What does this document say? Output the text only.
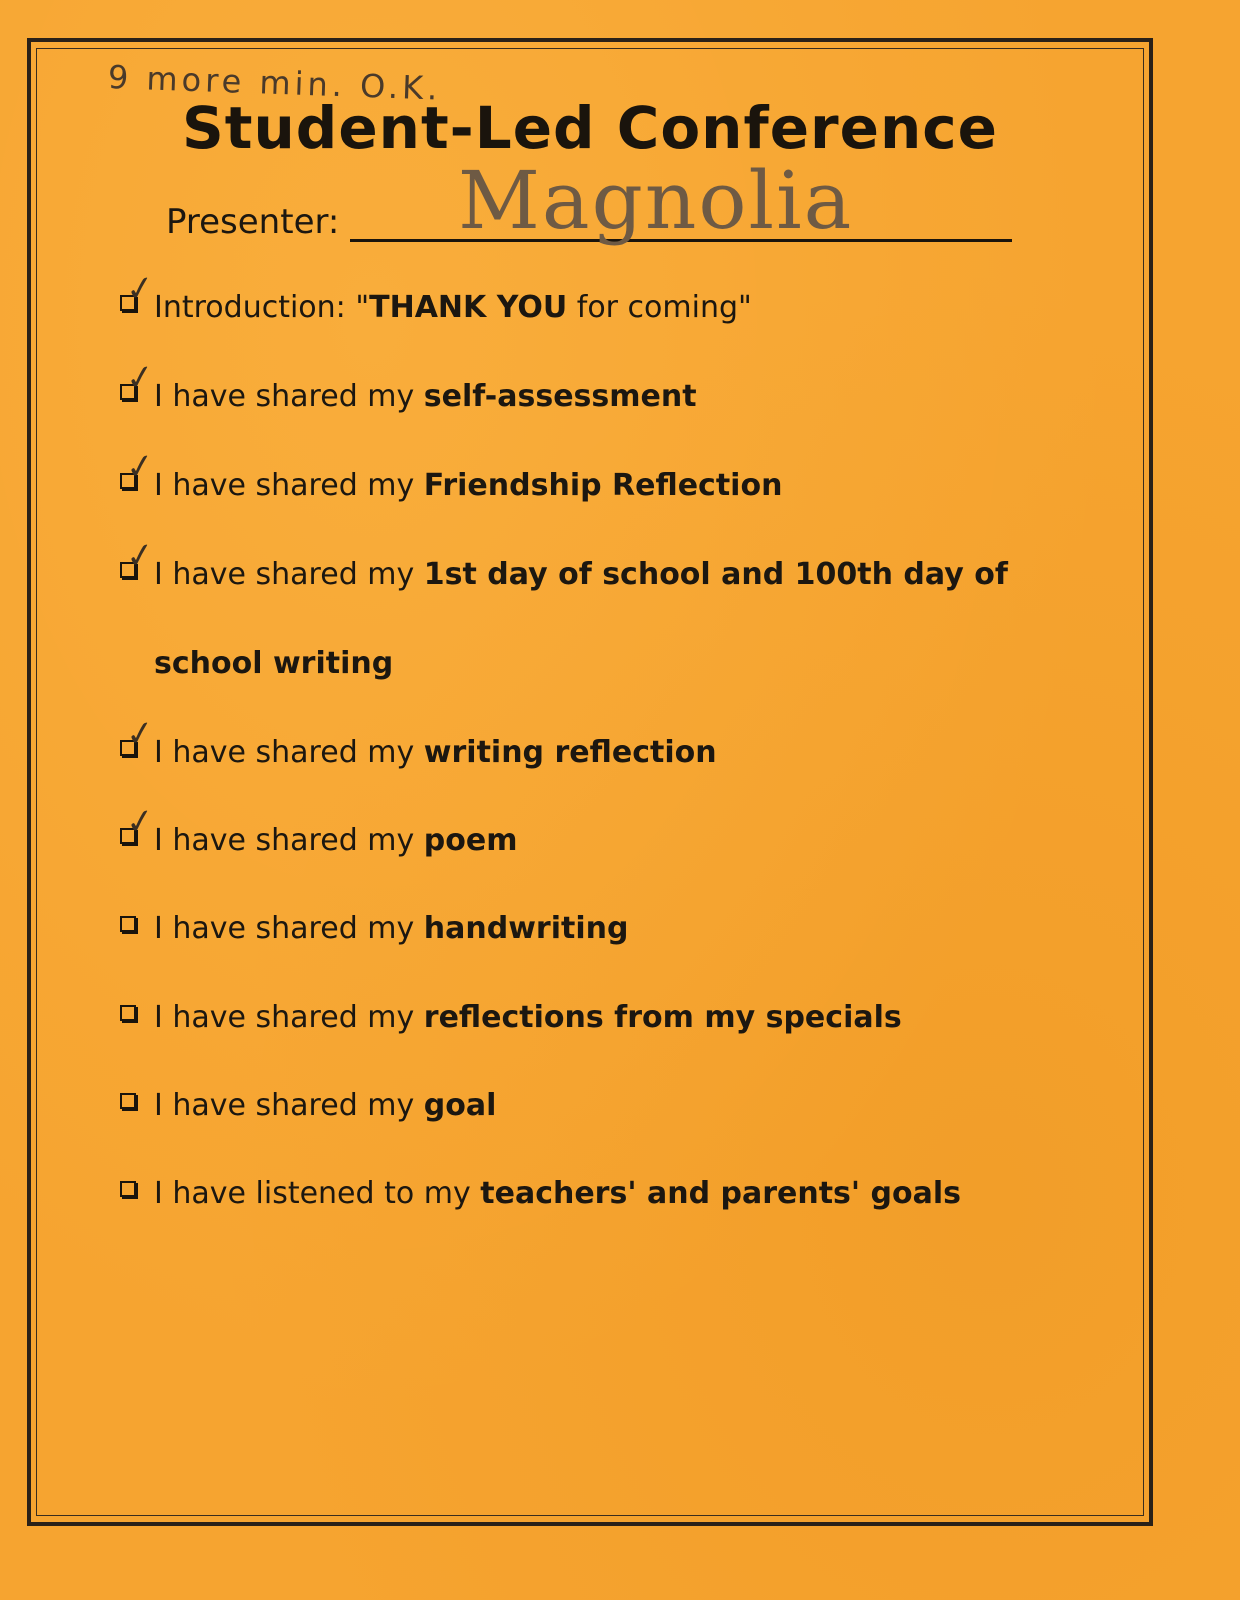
9 more min. O.K.
Student-Led Conference
Presenter: Magnolia
✓
Introduction: "THANK YOU for coming"
✓
I have shared my self-assessment
✓
I have shared my Friendship Reflection
✓
I have shared my 1st day of school and 100th day of
school writing
✓
I have shared my writing reflection
✓
I have shared my poem
I have shared my handwriting
I have shared my reflections from my specials
I have shared my goal
I have listened to my teachers' and parents' goals
